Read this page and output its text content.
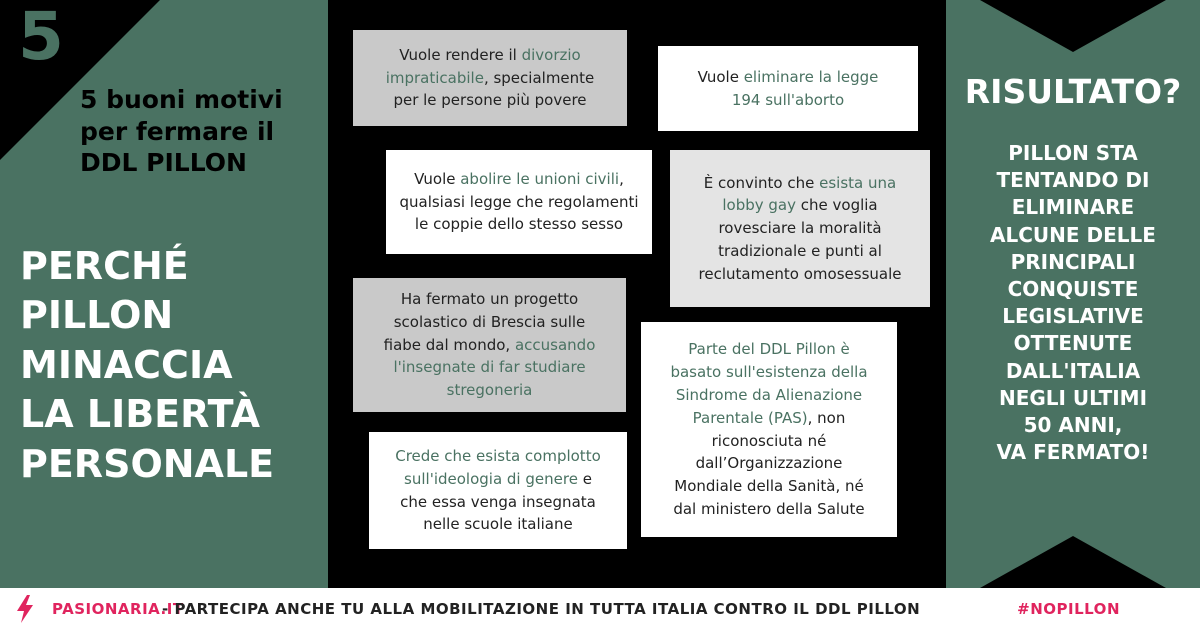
5
5 buoni motivi
per fermare il
DDL PILLON
PERCHÉ
PILLON
MINACCIA
LA LIBERTÀ
PERSONALE
Vuole rendere il divorzio
impraticabile, specialmente
per le persone più povere
Vuole eliminare la legge
194 sull'aborto
Vuole abolire le unioni civili,
qualsiasi legge che regolamenti
le coppie dello stesso sesso
È convinto che esista una
lobby gay che voglia
rovesciare la moralità
tradizionale e punti al
reclutamento omosessuale
Ha fermato un progetto
scolastico di Brescia sulle
fiabe dal mondo, accusando
l'insegnate di far studiare
stregoneria
Parte del DDL Pillon è
basato sull'esistenza della
Sindrome da Alienazione
Parentale (PAS), non
riconosciuta né
dall’Organizzazione
Mondiale della Sanità, né
dal ministero della Salute
Crede che esista complotto
sull'ideologia di genere e
che essa venga insegnata
nelle scuole italiane
RISULTATO?
PILLON STA
TENTANDO DI
ELIMINARE
ALCUNE DELLE
PRINCIPALI
CONQUISTE
LEGISLATIVE
OTTENUTE
DALL'ITALIA
NEGLI ULTIMI
50 ANNI,
VA FERMATO!
PASIONARIA.IT
- PARTECIPA ANCHE TU ALLA MOBILITAZIONE IN TUTTA ITALIA CONTRO IL DDL PILLON	#NOPILLON
